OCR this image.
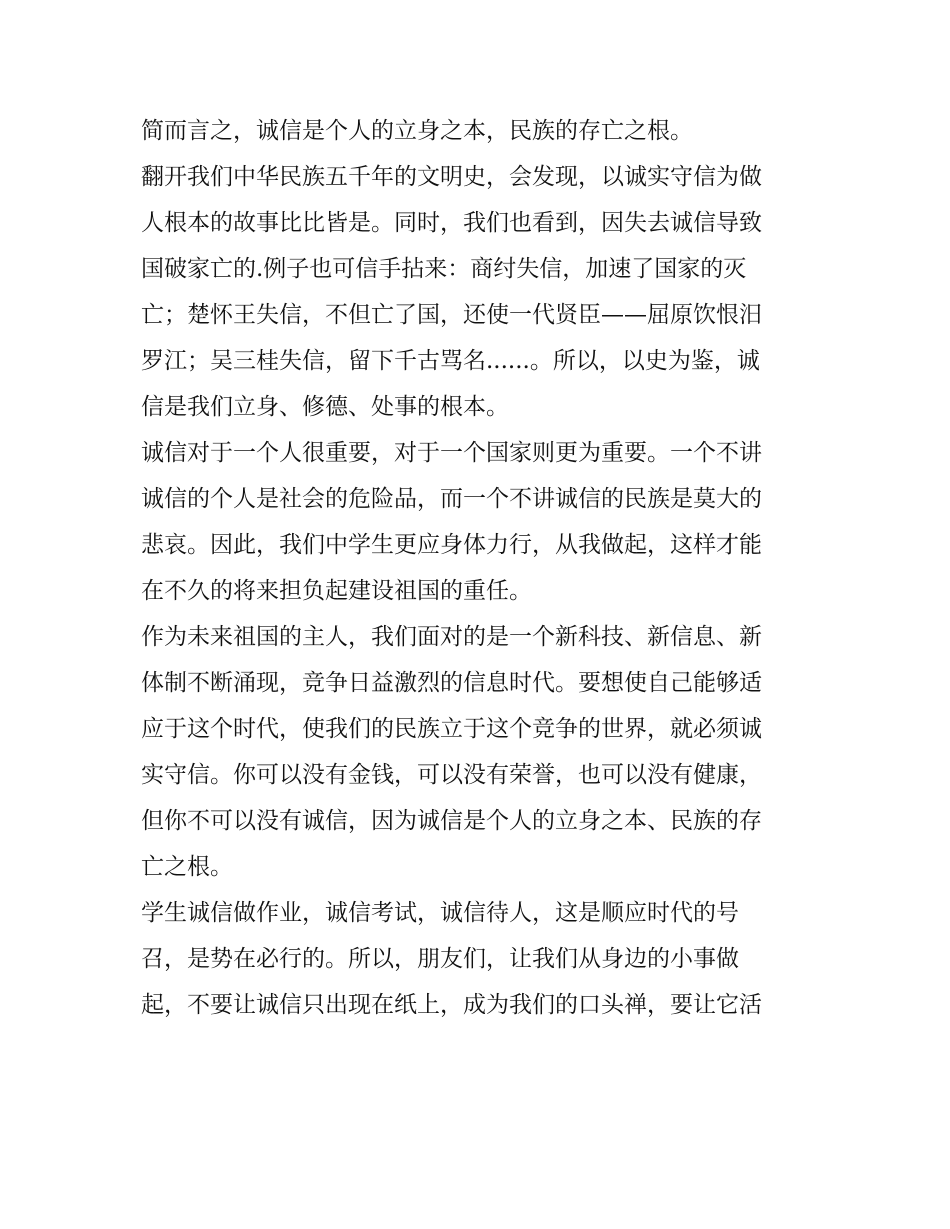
简而言之，诚信是个人的立身之本，民族的存亡之根。
翻开我们中华民族五千年的文明史，会发现，以诚实守信为做
人根本的故事比比皆是。同时，我们也看到，因失去诚信导致
国破家亡的.例子也可信手拈来：商纣失信，加速了国家的灭
亡；楚怀王失信，不但亡了国，还使一代贤臣——屈原饮恨汨
罗江；吴三桂失信，留下千古骂名......。所以，以史为鉴，诚
信是我们立身、修德、处事的根本。
诚信对于一个人很重要，对于一个国家则更为重要。一个不讲
诚信的个人是社会的危险品，而一个不讲诚信的民族是莫大的
悲哀。因此，我们中学生更应身体力行，从我做起，这样才能
在不久的将来担负起建设祖国的重任。
作为未来祖国的主人，我们面对的是一个新科技、新信息、新
体制不断涌现，竞争日益激烈的信息时代。要想使自己能够适
应于这个时代，使我们的民族立于这个竞争的世界，就必须诚
实守信。你可以没有金钱，可以没有荣誉，也可以没有健康，
但你不可以没有诚信，因为诚信是个人的立身之本、民族的存
亡之根。
学生诚信做作业，诚信考试，诚信待人，这是顺应时代的号
召，是势在必行的。所以，朋友们，让我们从身边的小事做
起，不要让诚信只出现在纸上，成为我们的口头禅，要让它活
